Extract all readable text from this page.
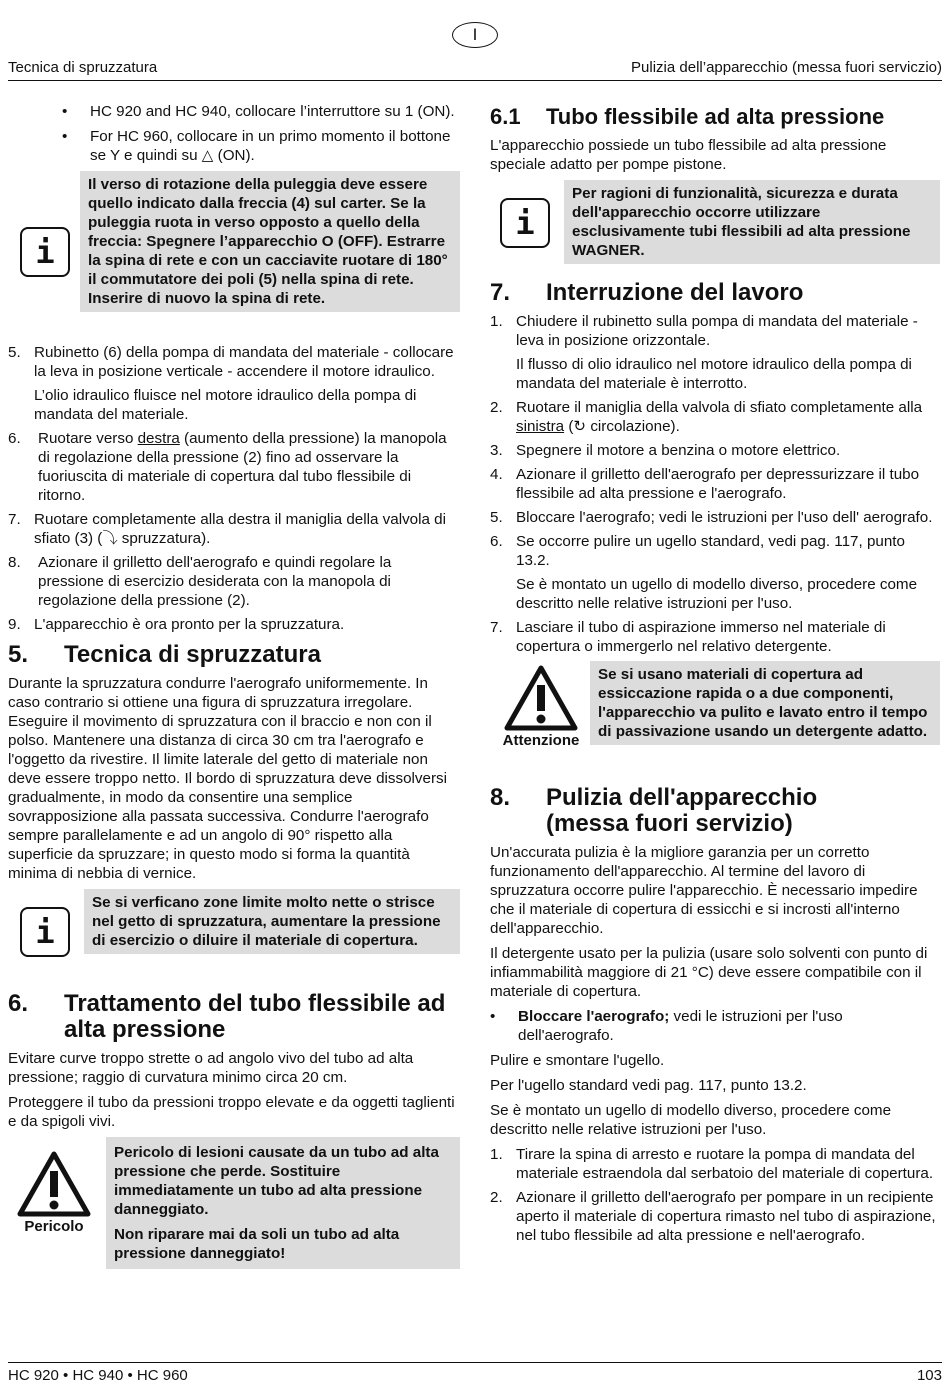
I
Tecnica di spruzzatura	Pulizia dell’apparecchio (messa fuori serviczio)
• HC 920 and HC 940, collocare l’interruttore su 1 (ON).
• For HC 960, collocare in un primo momento il bottone se Y e quindi su △ (ON).
i
Il verso di rotazione della puleggia deve essere quello indicato dalla freccia (4) sul carter. Se la puleggia ruota in verso opposto a quello della freccia: Spegnere l’apparecchio O (OFF). Estrarre la spina di rete e con un cacciavite ruotare di 180° il commutatore dei poli (5) nella spina di rete. Inserire di nuovo la spina di rete.
5. Rubinetto (6) della pompa di mandata del materiale - collocare la leva in posizione verticale - accendere il motore idraulico.
L’olio idraulico fluisce nel motore idraulico della pompa di mandata del materiale.
6. Ruotare verso destra (aumento della pressione) la manopola di regolazione della pressione (2) fino ad osservare la fuoriuscita di materiale di copertura dal tubo flessibile di ritorno.
7. Ruotare completamente alla destra il maniglia della valvola di sfiato (3) (⤵ spruzzatura).
8. Azionare il grilletto dell'aerografo e quindi regolare la pressione di esercizio desiderata con la manopola di regolazione della pressione (2).
9. L'apparecchio è ora pronto per la spruzzatura.
5. Tecnica di spruzzatura

Durante la spruzzatura condurre l'aerografo uniformemente. In caso contrario si ottiene una figura di spruzzatura irregolare. Eseguire il movimento di spruzzatura con il braccio e non con il polso. Mantenere una distanza di circa 30 cm tra l'aerografo e l'oggetto da rivestire. Il limite laterale del getto di materiale non deve essere troppo netto. Il bordo di spruzzatura deve dissolversi gradualmente, in modo da consentire una semplice sovrapposizione alla passata successiva. Condurre l'aerografo sempre parallelamente e ad un angolo di 90° rispetto alla superficie da spruzzare; in questo modo si forma la quantità minima di nebbia di vernice.

i
Se si verficano zone limite molto nette o strisce nel getto di spruzzatura, aumentare la pressione di esercizio o diluire il materiale di copertura.
6. Trattamento del tubo flessibile ad alta pressione

Evitare curve troppo strette o ad angolo vivo del tubo ad alta pressione; raggio di curvatura minimo circa 20 cm.

Proteggere il tubo da pressioni troppo elevate e da oggetti taglienti e da spigoli vivi.

Pericolo
Pericolo di lesioni causate da un tubo ad alta pressione che perde. Sostituire immediatamente un tubo ad alta pressione danneggiato.
Non riparare mai da soli un tubo ad alta pressione danneggiato!
6.1 Tubo flessibile ad alta pressione

L'apparecchio possiede un tubo flessibile ad alta pressione speciale adatto per pompe pistone.

i
Per ragioni di funzionalità, sicurezza e durata dell'apparecchio occorre utilizzare esclusivamente tubi flessibili ad alta pressione WAGNER.
7. Interruzione del lavoro
1. Chiudere il rubinetto sulla pompa di mandata del materiale - leva in posizione orizzontale.
Il flusso di olio idraulico nel motore idraulico della pompa di mandata del materiale è interrotto.
2. Ruotare il maniglia della valvola di sfiato completamente alla sinistra (↻ circolazione).
3. Spegnere il motore a benzina o motore elettrico.
4. Azionare il grilletto dell'aerografo per depressurizzare il tubo flessibile ad alta pressione e l'aerografo.
5. Bloccare l'aerografo; vedi le istruzioni per l'uso dell' aerografo.
6. Se occorre pulire un ugello standard, vedi pag. 117, punto 13.2.
Se è montato un ugello di modello diverso, procedere come descritto nelle relative istruzioni per l'uso.
7. Lasciare il tubo di aspirazione immerso nel materiale di copertura o immergerlo nel relativo detergente.
Attenzione
Se si usano materiali di copertura ad essiccazione rapida o a due componenti, l'apparecchio va pulito e lavato entro il tempo di passivazione usando un detergente adatto.
8. Pulizia dell'apparecchio
(messa fuori servizio)

Un'accurata pulizia è la migliore garanzia per un corretto funzionamento dell'apparecchio. Al termine del lavoro di spruzzatura occorre pulire l'apparecchio. È necessario impedire che il materiale di copertura di essicchi e si incrosti all'interno dell'apparecchio.

Il detergente usato per la pulizia (usare solo solventi con punto di infiammabilità maggiore di 21 °C) deve essere compatibile con il materiale di copertura.

• Bloccare l'aerografo; vedi le istruzioni per l'uso dell'aerografo.

Pulire e smontare l'ugello.

Per l'ugello standard vedi pag. 117, punto 13.2.

Se è montato un ugello di modello diverso, procedere come descritto nelle relative istruzioni per l'uso.

1. Tirare la spina di arresto e ruotare la pompa di mandata del materiale estraendola dal serbatoio del materiale di copertura.
2. Azionare il grilletto dell'aerografo per pompare in un recipiente aperto il materiale di copertura rimasto nel tubo di aspirazione, nel tubo flessibile ad alta pressione e nell'aerografo.
HC 920 • HC 940 • HC 960	103
